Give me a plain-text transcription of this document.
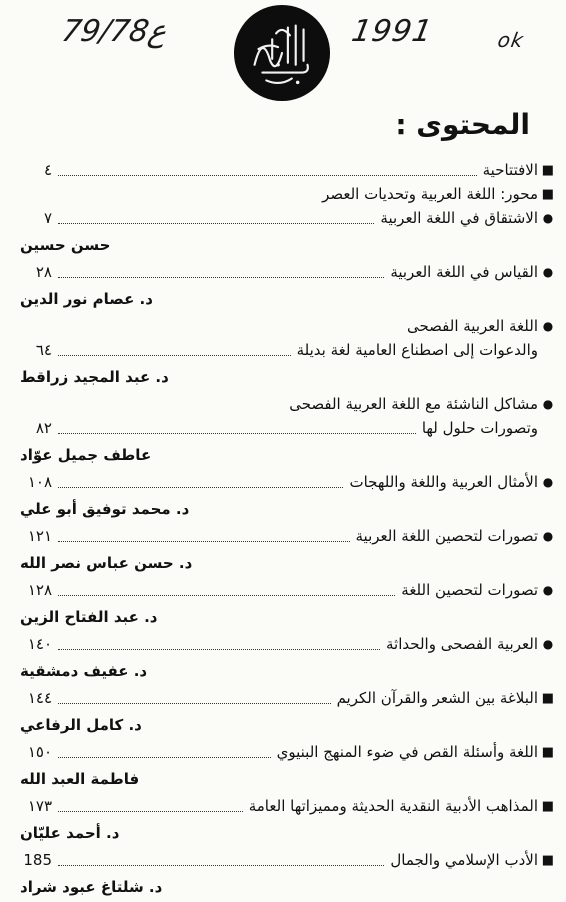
79/78ع	1991	ok
المحتوى :
■
الافتتاحية
٤
■
محور: اللغة العربية وتحديات العصر
●
الاشتقاق في اللغة العربية
٧
حسن حسين
●
القياس في اللغة العربية
٢٨
د. عصام نور الدين
●
اللغة العربية الفصحى
والدعوات إلى اصطناع العامية لغة بديلة
٦٤
د. عبد المجيد زراقط
●
مشاكل الناشئة مع اللغة العربية الفصحى
وتصورات حلول لها
٨٢
عاطف جميل عوّاد
●
الأمثال العربية واللغة واللهجات
١٠٨
د. محمد توفيق أبو علي
●
تصورات لتحصين اللغة العربية
١٢١
د. حسن عباس نصر الله
●
تصورات لتحصين اللغة
١٢٨
د. عبد الفتاح الزين
●
العربية الفصحى والحداثة
١٤٠
د. عفيف دمشقية
■
البلاغة بين الشعر والقرآن الكريم
١٤٤
د. كامل الرفاعي
■
اللغة وأسئلة القص في ضوء المنهج البنيوي
١٥٠
فاطمة العبد الله
■
المذاهب الأدبية النقدية الحديثة ومميزاتها العامة
١٧٣
د. أحمد عليّان
■
الأدب الإسلامي والجمال
185
د. شلتاغ عبود شراد
